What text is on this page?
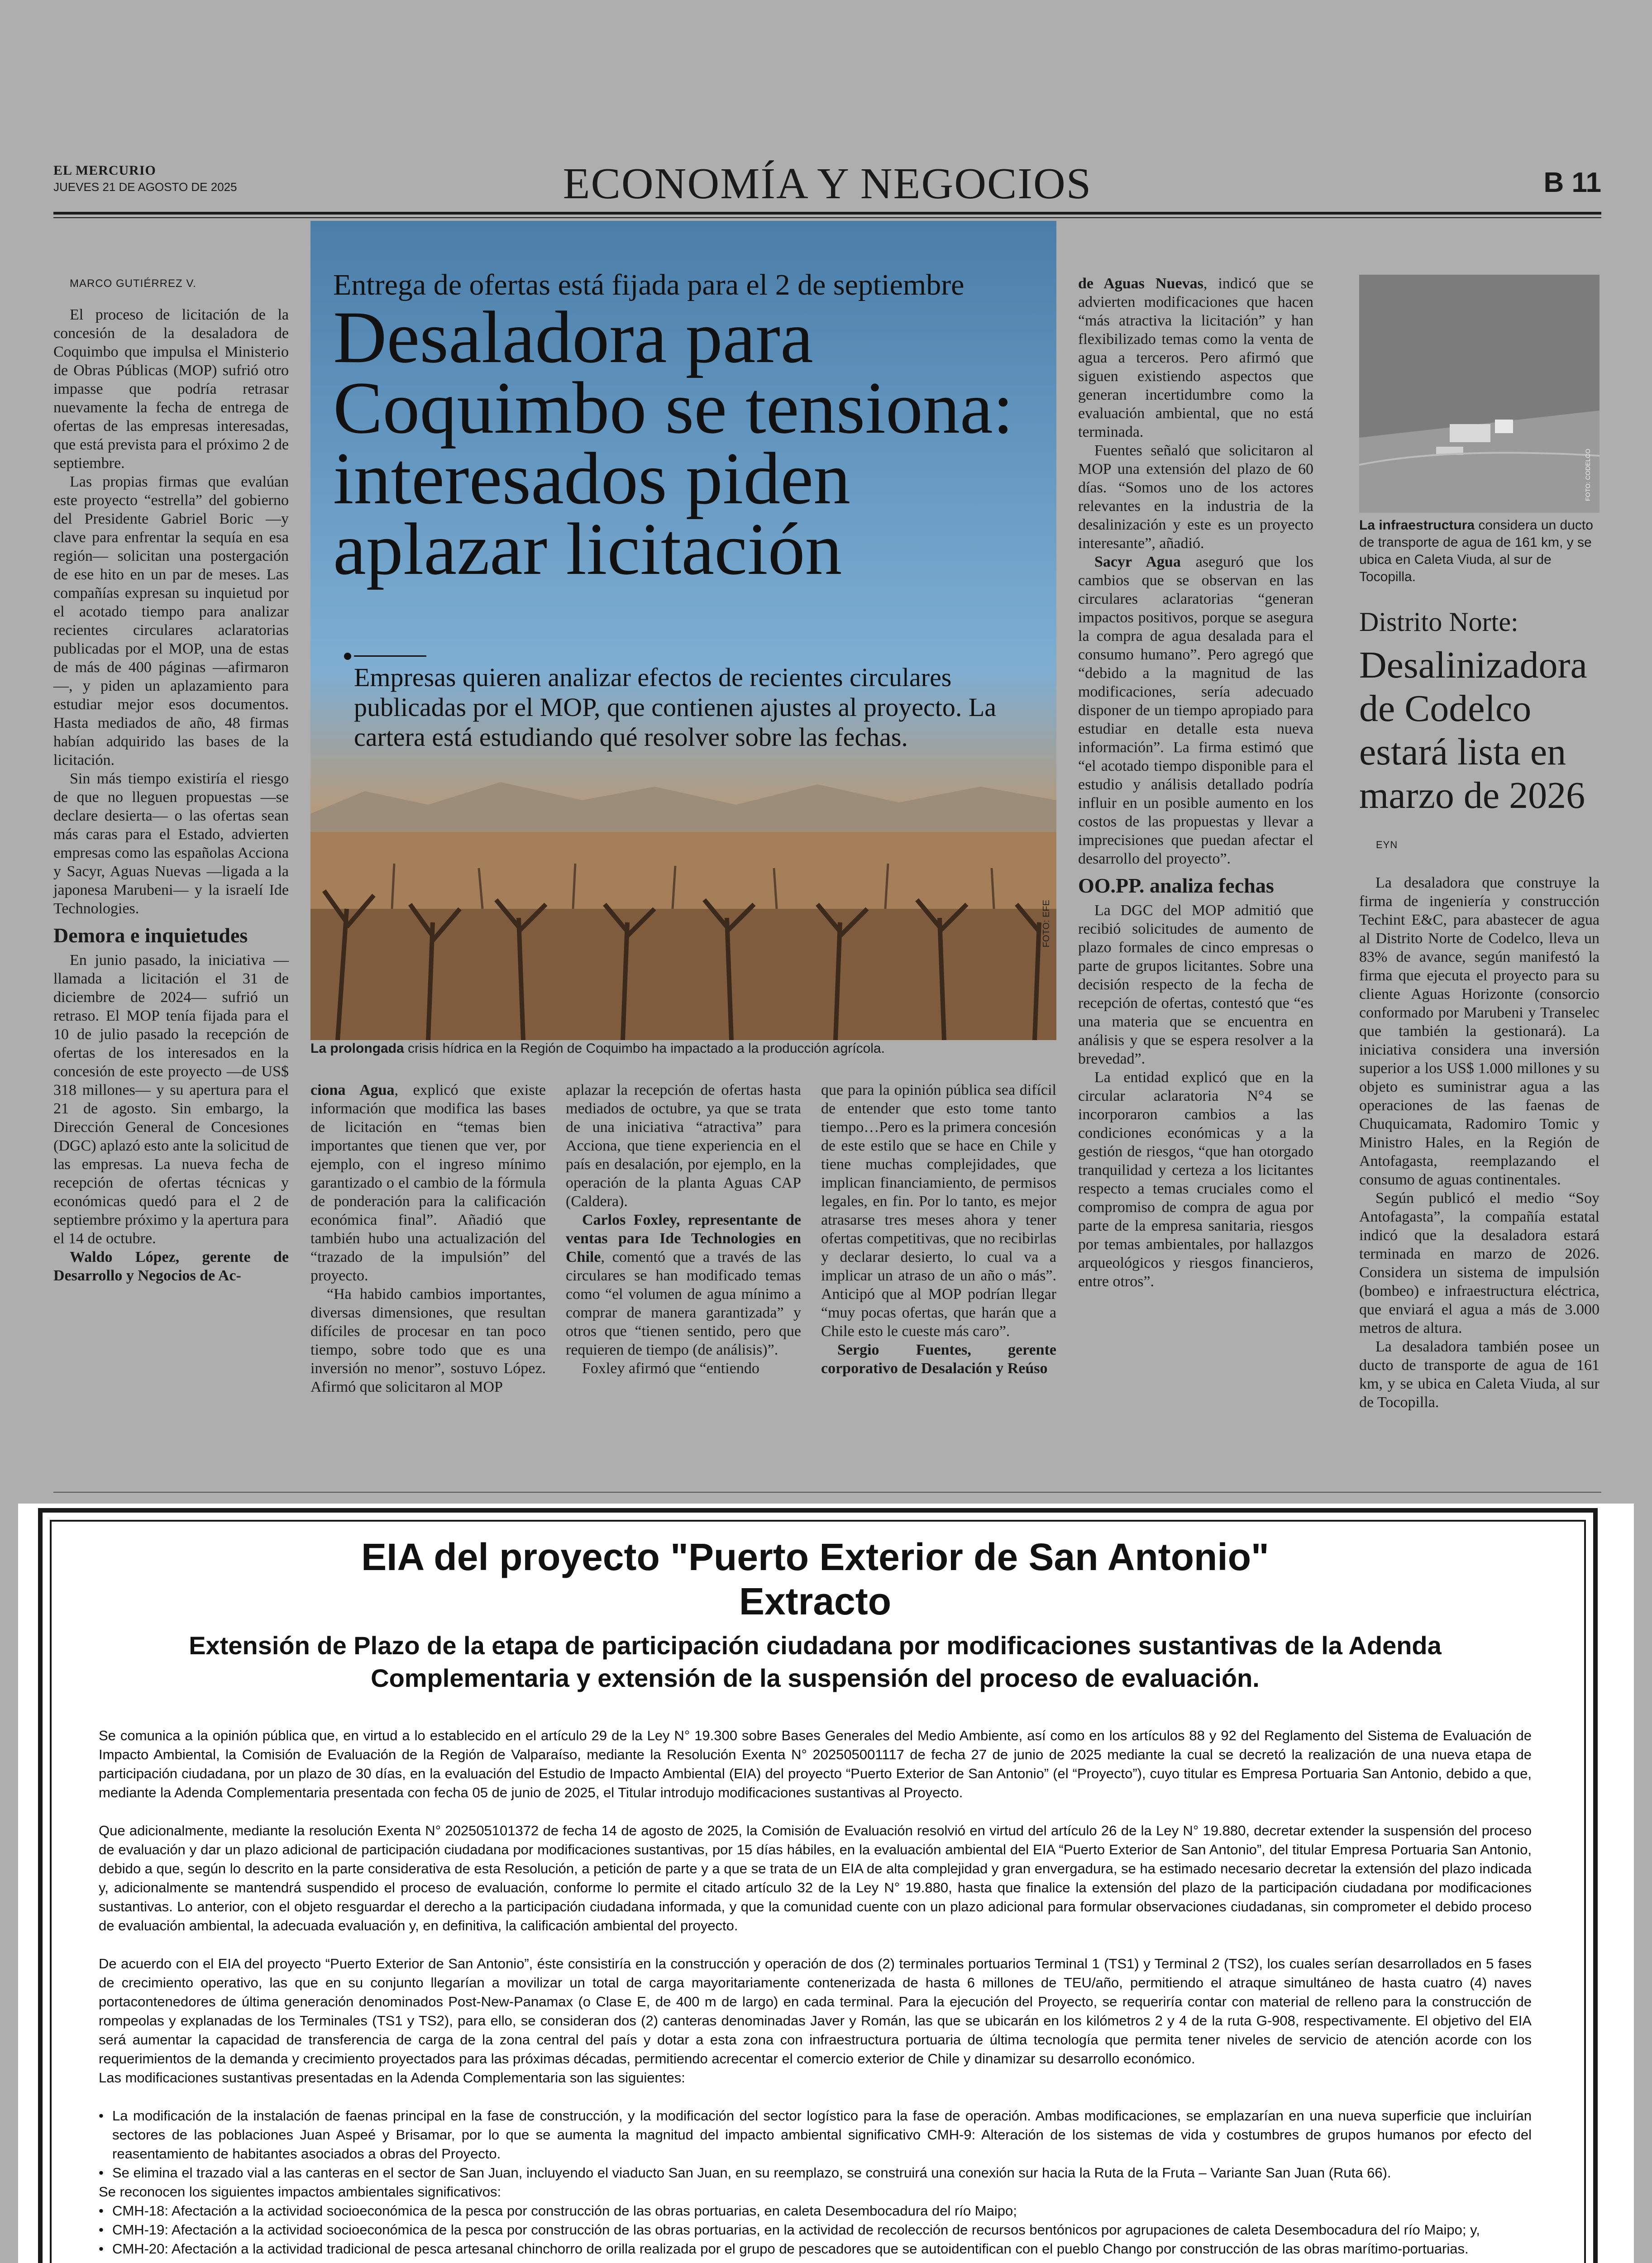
EL MERCURIO
JUEVES 21 DE AGOSTO DE 2025	ECONOMÍA Y NEGOCIOS	B 11
MARCO GUTIÉRREZ V.

El proceso de licitación de la concesión de la desaladora de Coquimbo que impulsa el Ministerio de Obras Públicas (MOP) sufrió otro impasse que podría retrasar nuevamente la fecha de entrega de ofertas de las empresas interesadas, que está prevista para el próximo 2 de septiembre.

Las propias firmas que evalúan este proyecto “estrella” del gobierno del Presidente Gabriel Boric —y clave para enfrentar la sequía en esa región— solicitan una postergación de ese hito en un par de meses. Las compañías expresan su inquietud por el acotado tiempo para analizar recientes circulares aclaratorias publicadas por el MOP, una de estas de más de 400 páginas —afirmaron—, y piden un aplazamiento para estudiar mejor esos documentos. Hasta mediados de año, 48 firmas habían adquirido las bases de la licitación.

Sin más tiempo existiría el riesgo de que no lleguen propuestas —se declare desierta— o las ofertas sean más caras para el Estado, advierten empresas como las españolas Acciona y Sacyr, Aguas Nuevas —ligada a la japonesa Marubeni— y la israelí Ide Technologies.

Demora e inquietudes

En junio pasado, la iniciativa —llamada a licitación el 31 de diciembre de 2024— sufrió un retraso. El MOP tenía fijada para el 10 de julio pasado la recepción de ofertas de los interesados en la concesión de este proyecto —de US$ 318 millones— y su apertura para el 21 de agosto. Sin embargo, la Dirección General de Concesiones (DGC) aplazó esto ante la solicitud de las empresas. La nueva fecha de recepción de ofertas técnicas y económicas quedó para el 2 de septiembre próximo y la apertura para el 14 de octubre.

Waldo López, gerente de Desarrollo y Negocios de Ac-

Entrega de ofertas está fijada para el 2 de septiembre
Desaladora para Coquimbo se tensiona: interesados piden aplazar licitación
Empresas quieren analizar efectos de recientes circulares publicadas por el MOP, que contienen ajustes al proyecto. La cartera está estudiando qué resolver sobre las fechas.
FOTO: EFE
La prolongada crisis hídrica en la Región de Coquimbo ha impactado a la producción agrícola.

ciona Agua, explicó que existe información que modifica las bases de licitación en “temas bien importantes que tienen que ver, por ejemplo, con el ingreso mínimo garantizado o el cambio de la fórmula de ponderación para la calificación económica final”. Añadió que también hubo una actualización del “trazado de la impulsión” del proyecto.

“Ha habido cambios importantes, diversas dimensiones, que resultan difíciles de procesar en tan poco tiempo, sobre todo que es una inversión no menor”, sostuvo López. Afirmó que solicitaron al MOP

aplazar la recepción de ofertas hasta mediados de octubre, ya que se trata de una iniciativa “atractiva” para Acciona, que tiene experiencia en el país en desalación, por ejemplo, en la operación de la planta Aguas CAP (Caldera).

Carlos Foxley, representante de ventas para Ide Technologies en Chile, comentó que a través de las circulares se han modificado temas como “el volumen de agua mínimo a comprar de manera garantizada” y otros que “tienen sentido, pero que requieren de tiempo (de análisis)”.

Foxley afirmó que “entiendo

que para la opinión pública sea difícil de entender que esto tome tanto tiempo…Pero es la primera concesión de este estilo que se hace en Chile y tiene muchas complejidades, que implican financiamiento, de permisos legales, en fin. Por lo tanto, es mejor atrasarse tres meses ahora y tener ofertas competitivas, que no recibirlas y declarar desierto, lo cual va a implicar un atraso de un año o más”. Anticipó que al MOP podrían llegar “muy pocas ofertas, que harán que a Chile esto le cueste más caro”.

Sergio Fuentes, gerente corporativo de Desalación y Reúso

de Aguas Nuevas, indicó que se advierten modificaciones que hacen “más atractiva la licitación” y han flexibilizado temas como la venta de agua a terceros. Pero afirmó que siguen existiendo aspectos que generan incertidumbre como la evaluación ambiental, que no está terminada.

Fuentes señaló que solicitaron al MOP una extensión del plazo de 60 días. “Somos uno de los actores relevantes en la industria de la desalinización y este es un proyecto interesante”, añadió.

Sacyr Agua aseguró que los cambios que se observan en las circulares aclaratorias “generan impactos positivos, porque se asegura la compra de agua desalada para el consumo humano”. Pero agregó que “debido a la magnitud de las modificaciones, sería adecuado disponer de un tiempo apropiado para estudiar en detalle esta nueva información”. La firma estimó que “el acotado tiempo disponible para el estudio y análisis detallado podría influir en un posible aumento en los costos de las propuestas y llevar a imprecisiones que puedan afectar el desarrollo del proyecto”.

OO.PP. analiza fechas

La DGC del MOP admitió que recibió solicitudes de aumento de plazo formales de cinco empresas o parte de grupos licitantes. Sobre una decisión respecto de la fecha de recepción de ofertas, contestó que “es una materia que se encuentra en análisis y que se espera resolver a la brevedad”.

La entidad explicó que en la circular aclaratoria N°4 se incorporaron cambios a las condiciones económicas y a la gestión de riesgos, “que han otorgado tranquilidad y certeza a los licitantes respecto a temas cruciales como el compromiso de compra de agua por parte de la empresa sanitaria, riesgos por temas ambientales, por hallazgos arqueológicos y riesgos financieros, entre otros”.

FOTO: CODELCO
La infraestructura considera un ducto de transporte de agua de 161 km, y se ubica en Caleta Viuda, al sur de Tocopilla.
Distrito Norte:
Desalinizadora de Codelco estará lista en marzo de 2026
EYN

La desaladora que construye la firma de ingeniería y construcción Techint E&C, para abastecer de agua al Distrito Norte de Codelco, lleva un 83% de avance, según manifestó la firma que ejecuta el proyecto para su cliente Aguas Horizonte (consorcio conformado por Marubeni y Transelec que también la gestionará). La iniciativa considera una inversión superior a los US$ 1.000 millones y su objeto es suministrar agua a las operaciones de las faenas de Chuquicamata, Radomiro Tomic y Ministro Hales, en la Región de Antofagasta, reemplazando el consumo de aguas continentales.

Según publicó el medio “Soy Antofagasta”, la compañía estatal indicó que la desaladora estará terminada en marzo de 2026. Considera un sistema de impulsión (bombeo) e infraestructura eléctrica, que enviará el agua a más de 3.000 metros de altura.

La desaladora también posee un ducto de transporte de agua de 161 km, y se ubica en Caleta Viuda, al sur de Tocopilla.

EIA del proyecto "Puerto Exterior de San Antonio"
Extracto
Extensión de Plazo de la etapa de participación ciudadana por modificaciones sustantivas de la Adenda Complementaria y extensión de la suspensión del proceso de evaluación.

Se comunica a la opinión pública que, en virtud a lo establecido en el artículo 29 de la Ley N° 19.300 sobre Bases Generales del Medio Ambiente, así como en los artículos 88 y 92 del Reglamento del Sistema de Evaluación de Impacto Ambiental, la Comisión de Evaluación de la Región de Valparaíso, mediante la Resolución Exenta N° 202505001117 de fecha 27 de junio de 2025 mediante la cual se decretó la realización de una nueva etapa de participación ciudadana, por un plazo de 30 días, en la evaluación del Estudio de Impacto Ambiental (EIA) del proyecto “Puerto Exterior de San Antonio” (el “Proyecto”), cuyo titular es Empresa Portuaria San Antonio, debido a que, mediante la Adenda Complementaria presentada con fecha 05 de junio de 2025, el Titular introdujo modificaciones sustantivas al Proyecto.

Que adicionalmente, mediante la resolución Exenta N° 202505101372 de fecha 14 de agosto de 2025, la Comisión de Evaluación resolvió en virtud del artículo 26 de la Ley N° 19.880, decretar extender la suspensión del proceso de evaluación y dar un plazo adicional de participación ciudadana por modificaciones sustantivas, por 15 días hábiles, en la evaluación ambiental del EIA “Puerto Exterior de San Antonio”, del titular Empresa Portuaria San Antonio, debido a que, según lo descrito en la parte considerativa de esta Resolución, a petición de parte y a que se trata de un EIA de alta complejidad y gran envergadura, se ha estimado necesario decretar la extensión del plazo indicada y, adicionalmente se mantendrá suspendido el proceso de evaluación, conforme lo permite el citado artículo 32 de la Ley N° 19.880, hasta que finalice la extensión del plazo de la participación ciudadana por modificaciones sustantivas. Lo anterior, con el objeto resguardar el derecho a la participación ciudadana informada, y que la comunidad cuente con un plazo adicional para formular observaciones ciudadanas, sin comprometer el debido proceso de evaluación ambiental, la adecuada evaluación y, en definitiva, la calificación ambiental del proyecto.

De acuerdo con el EIA del proyecto “Puerto Exterior de San Antonio”, éste consistiría en la construcción y operación de dos (2) terminales portuarios Terminal 1 (TS1) y Terminal 2 (TS2), los cuales serían desarrollados en 5 fases de crecimiento operativo, las que en su conjunto llegarían a movilizar un total de carga mayoritariamente contenerizada de hasta 6 millones de TEU/año, permitiendo el atraque simultáneo de hasta cuatro (4) naves portacontenedores de última generación denominados Post-New-Panamax (o Clase E, de 400 m de largo) en cada terminal. Para la ejecución del Proyecto, se requeriría contar con material de relleno para la construcción de rompeolas y explanadas de los Terminales (TS1 y TS2), para ello, se consideran dos (2) canteras denominadas Javer y Román, las que se ubicarán en los kilómetros 2 y 4 de la ruta G-908, respectivamente. El objetivo del EIA será aumentar la capacidad de transferencia de carga de la zona central del país y dotar a esta zona con infraestructura portuaria de última tecnología que permita tener niveles de servicio de atención acorde con los requerimientos de la demanda y crecimiento proyectados para las próximas décadas, permitiendo acrecentar el comercio exterior de Chile y dinamizar su desarrollo económico.
Las modificaciones sustantivas presentadas en la Adenda Complementaria son las siguientes:
• La modificación de la instalación de faenas principal en la fase de construcción, y la modificación del sector logístico para la fase de operación. Ambas modificaciones, se emplazarían en una nueva superficie que incluirían sectores de las poblaciones Juan Aspeé y Brisamar, por lo que se aumenta la magnitud del impacto ambiental significativo CMH-9: Alteración de los sistemas de vida y costumbres de grupos humanos por efecto del reasentamiento de habitantes asociados a obras del Proyecto.
• Se elimina el trazado vial a las canteras en el sector de San Juan, incluyendo el viaducto San Juan, en su reemplazo, se construirá una conexión sur hacia la Ruta de la Fruta – Variante San Juan (Ruta 66).
Se reconocen los siguientes impactos ambientales significativos:
• CMH-18: Afectación a la actividad socioeconómica de la pesca por construcción de las obras portuarias, en caleta Desembocadura del río Maipo;
• CMH-19: Afectación a la actividad socioeconómica de la pesca por construcción de las obras portuarias, en la actividad de recolección de recursos bentónicos por agrupaciones de caleta Desembocadura del río Maipo; y,
• CMH-20: Afectación a la actividad tradicional de pesca artesanal chinchorro de orilla realizada por el grupo de pescadores que se autoidentifican con el pueblo Chango por construcción de las obras marítimo-portuarias.
